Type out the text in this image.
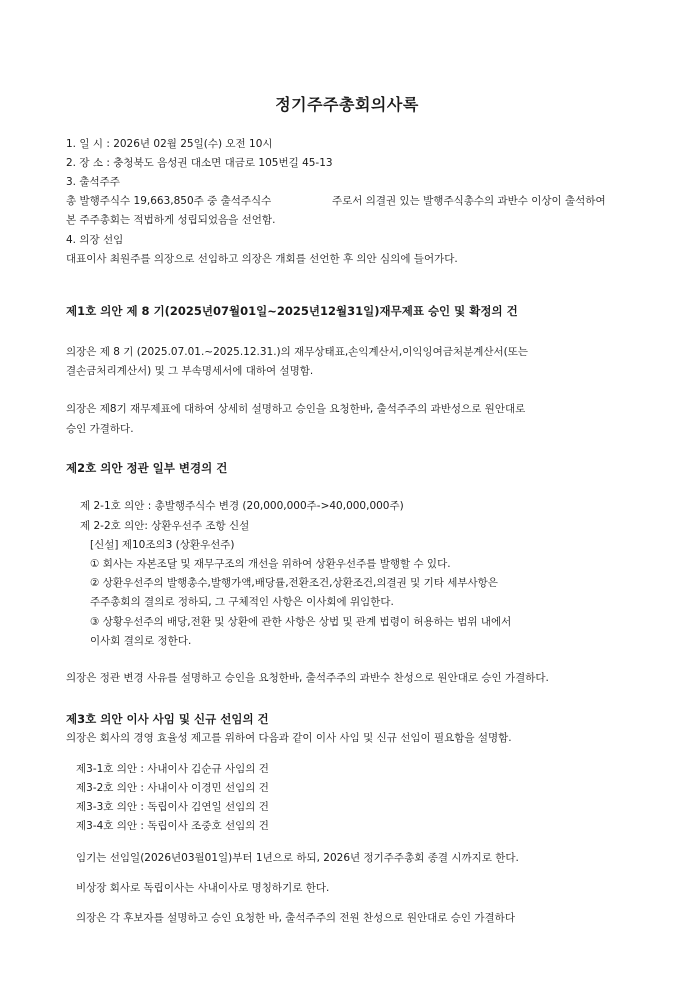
정기주주총회의사록
1. 일 시 : 2026년 02월 25일(수) 오전 10시
2. 장 소 : 충청북도 음성권 대소면 대금로 105번길 45-13
3. 출석주주
총 발행주식수 19,663,850주 중 출석주식수	주로서 의결권 있는 발행주식총수의 과반수 이상이 출석하여
본 주주총회는 적법하게 성립되었음을 선언함.
4. 의장 선임
대표이사 최원주를 의장으로 선임하고 의장은 개회를 선언한 후 의안 심의에 들어가다.
제1호 의안 제 8 기(2025년07월01일~2025년12월31일)재무제표 승인 및 확정의 건
의장은 제 8 기 (2025.07.01.~2025.12.31.)의 재무상태표,손익계산서,이익잉여금처분계산서(또는
결손금처리계산서) 및 그 부속명세서에 대하여 설명함.
의장은 제8기 재무제표에 대하여 상세히 설명하고 승인을 요청한바, 출석주주의 과반성으로 원안대로
승인 가결하다.
제2호 의안 정관 일부 변경의 건
제 2-1호 의안 : 총발행주식수 변경 (20,000,000주->40,000,000주)
제 2-2호 의안: 상환우선주 조항 신설
[신설] 제10조의3 (상환우선주)
① 회사는 자본조달 및 재무구조의 개선을 위하여 상환우선주를 발행할 수 있다.
② 상환우선주의 발행총수,발행가액,배당률,전환조건,상환조건,의결권 및 기타 세부사항은
주주총회의 결의로 정하되, 그 구체적인 사항은 이사회에 위임한다.
③ 상황우선주의 배당,전환 및 상환에 관한 사항은 상법 및 관계 법령이 허용하는 범위 내에서
이사회 결의로 정한다.
의장은 정관 변경 사유를 설명하고 승인을 요청한바, 출석주주의 과반수 찬성으로 원안대로 승인 가결하다.
제3호 의안 이사 사임 및 신규 선임의 건
의장은 회사의 경영 효율성 제고를 위하여 다음과 같이 이사 사임 및 신규 선임이 필요함을 설명함.
제3-1호 의안 : 사내이사 김순규 사임의 건
제3-2호 의안 : 사내이사 이경민 선임의 건
제3-3호 의안 : 독립이사 김연일 선임의 건
제3-4호 의안 : 독립이사 조중호 선임의 건
임기는 선임일(2026년03월01일)부터 1년으로 하되, 2026년 정기주주총회 종결 시까지로 한다.
비상장 회사로 독립이사는 사내이사로 명칭하기로 한다.
의장은 각 후보자를 설명하고 승인 요청한 바, 출석주주의 전원 찬성으로 원안대로 승인 가결하다
